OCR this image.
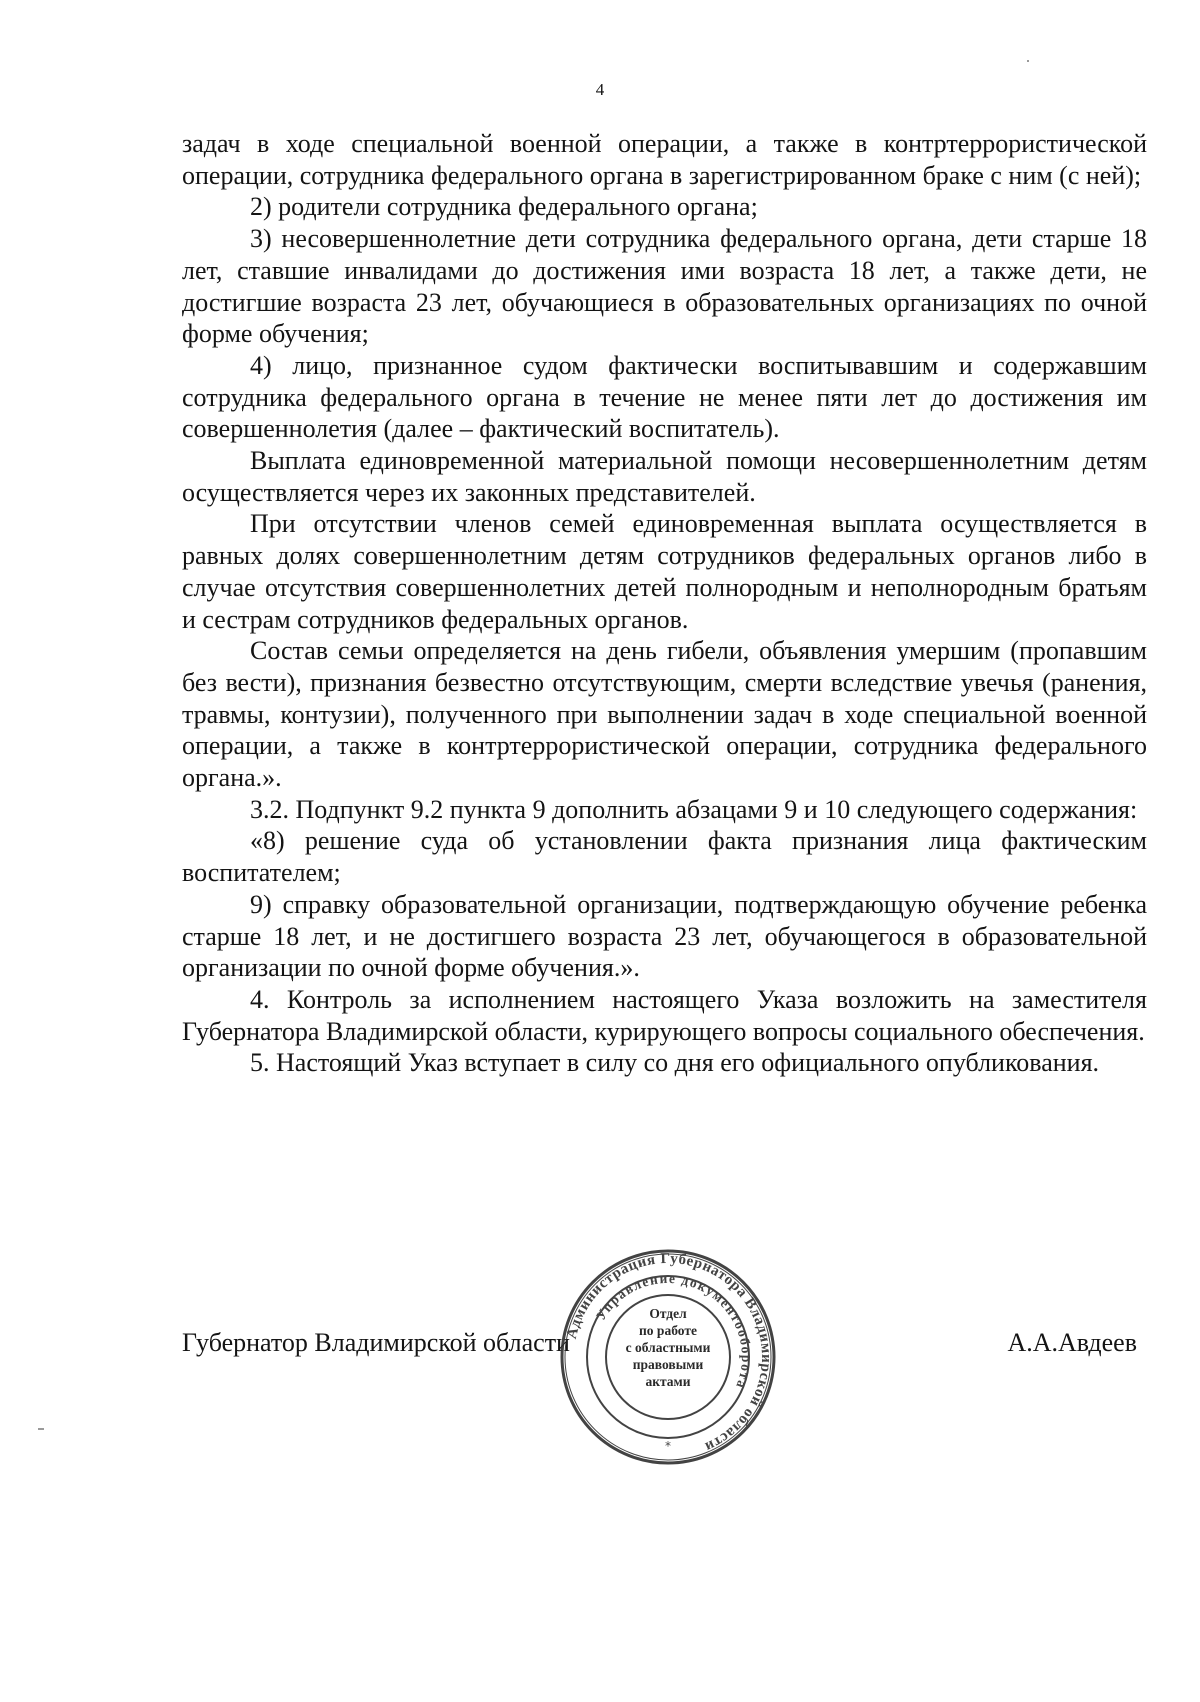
4

задач в ходе специальной военной операции, а также в контртеррористической операции, сотрудника федерального органа в зарегистрированном браке с ним (с ней);

2) родители сотрудника федерального органа;

3) несовершеннолетние дети сотрудника федерального органа, дети старше 18 лет, ставшие инвалидами до достижения ими возраста 18 лет, а также дети, не достигшие возраста 23 лет, обучающиеся в образовательных организациях по очной форме обучения;

4) лицо, признанное судом фактически воспитывавшим и содержавшим сотрудника федерального органа в течение не менее пяти лет до достижения им совершеннолетия (далее – фактический воспитатель).

Выплата единовременной материальной помощи несовершеннолетним детям осуществляется через их законных представителей.

При отсутствии членов семей единовременная выплата осуществляется в равных долях совершеннолетним детям сотрудников федеральных органов либо в случае отсутствия совершеннолетних детей полнородным и неполнородным братьям и сестрам сотрудников федеральных органов.

Состав семьи определяется на день гибели, объявления умершим (пропавшим без вести), признания безвестно отсутствующим, смерти вследствие увечья (ранения, травмы, контузии), полученного при выполнении задач в ходе специальной военной операции, а также в контртеррористической операции, сотрудника федерального органа.».

3.2. Подпункт 9.2 пункта 9 дополнить абзацами 9 и 10 следующего содержания:

«8) решение суда об установлении факта признания лица фактическим воспитателем;

9) справку образовательной организации, подтверждающую обучение ребенка старше 18 лет, и не достигшего возраста 23 лет, обучающегося в образовательной организации по очной форме обучения.».

4. Контроль за исполнением настоящего Указа возложить на заместителя Губернатора Владимирской области, курирующего вопросы социального обеспечения.

5. Настоящий Указ вступает в силу со дня его официального опубликования.

Губернатор Владимирской области	А.А.Авдеев
Администрация Губернатора Владимирской области
Управление документооборота
*
Отдел
по работе
с областными
правовыми
актами
